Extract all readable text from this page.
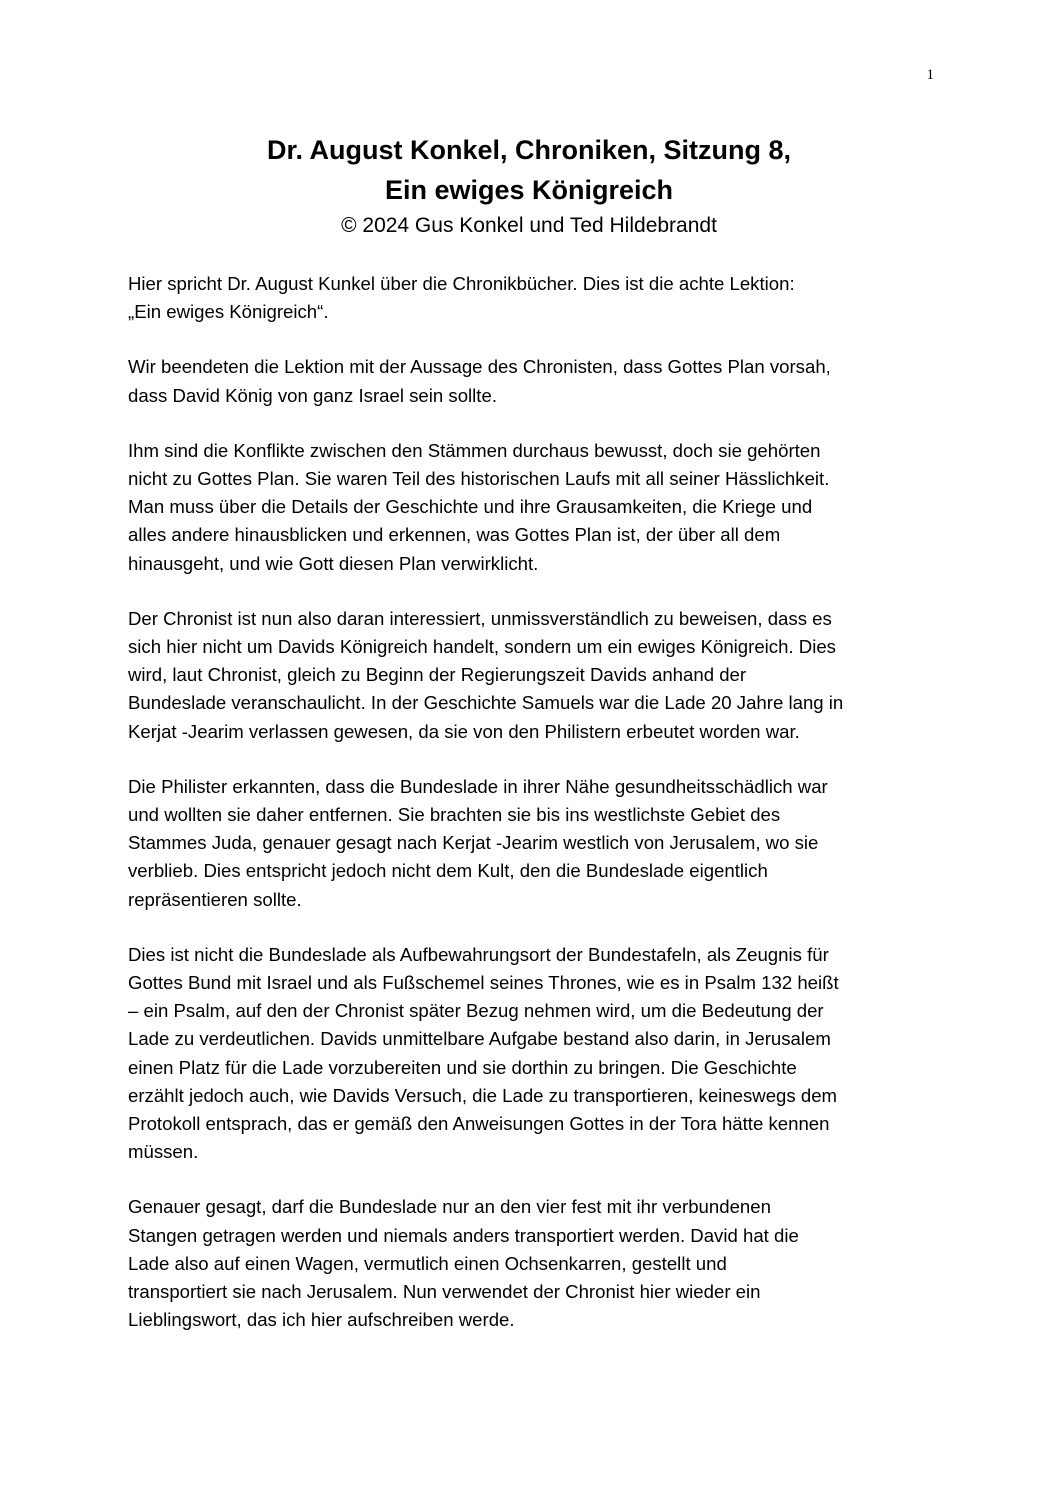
1
Dr. August Konkel, Chroniken, Sitzung 8,
Ein ewiges Königreich
© 2024 Gus Konkel und Ted Hildebrandt

Hier spricht Dr. August Kunkel über die Chronikbücher. Dies ist die achte Lektion:
„Ein ewiges Königreich“.

Wir beendeten die Lektion mit der Aussage des Chronisten, dass Gottes Plan vorsah,
dass David König von ganz Israel sein sollte.

Ihm sind die Konflikte zwischen den Stämmen durchaus bewusst, doch sie gehörten
nicht zu Gottes Plan. Sie waren Teil des historischen Laufs mit all seiner Hässlichkeit.
Man muss über die Details der Geschichte und ihre Grausamkeiten, die Kriege und
alles andere hinausblicken und erkennen, was Gottes Plan ist, der über all dem
hinausgeht, und wie Gott diesen Plan verwirklicht.

Der Chronist ist nun also daran interessiert, unmissverständlich zu beweisen, dass es
sich hier nicht um Davids Königreich handelt, sondern um ein ewiges Königreich. Dies
wird, laut Chronist, gleich zu Beginn der Regierungszeit Davids anhand der
Bundeslade veranschaulicht. In der Geschichte Samuels war die Lade 20 Jahre lang in
Kerjat -Jearim verlassen gewesen, da sie von den Philistern erbeutet worden war.

Die Philister erkannten, dass die Bundeslade in ihrer Nähe gesundheitsschädlich war
und wollten sie daher entfernen. Sie brachten sie bis ins westlichste Gebiet des
Stammes Juda, genauer gesagt nach Kerjat -Jearim westlich von Jerusalem, wo sie
verblieb. Dies entspricht jedoch nicht dem Kult, den die Bundeslade eigentlich
repräsentieren sollte.

Dies ist nicht die Bundeslade als Aufbewahrungsort der Bundestafeln, als Zeugnis für
Gottes Bund mit Israel und als Fußschemel seines Thrones, wie es in Psalm 132 heißt
– ein Psalm, auf den der Chronist später Bezug nehmen wird, um die Bedeutung der
Lade zu verdeutlichen. Davids unmittelbare Aufgabe bestand also darin, in Jerusalem
einen Platz für die Lade vorzubereiten und sie dorthin zu bringen. Die Geschichte
erzählt jedoch auch, wie Davids Versuch, die Lade zu transportieren, keineswegs dem
Protokoll entsprach, das er gemäß den Anweisungen Gottes in der Tora hätte kennen
müssen.

Genauer gesagt, darf die Bundeslade nur an den vier fest mit ihr verbundenen
Stangen getragen werden und niemals anders transportiert werden. David hat die
Lade also auf einen Wagen, vermutlich einen Ochsenkarren, gestellt und
transportiert sie nach Jerusalem. Nun verwendet der Chronist hier wieder ein
Lieblingswort, das ich hier aufschreiben werde.
